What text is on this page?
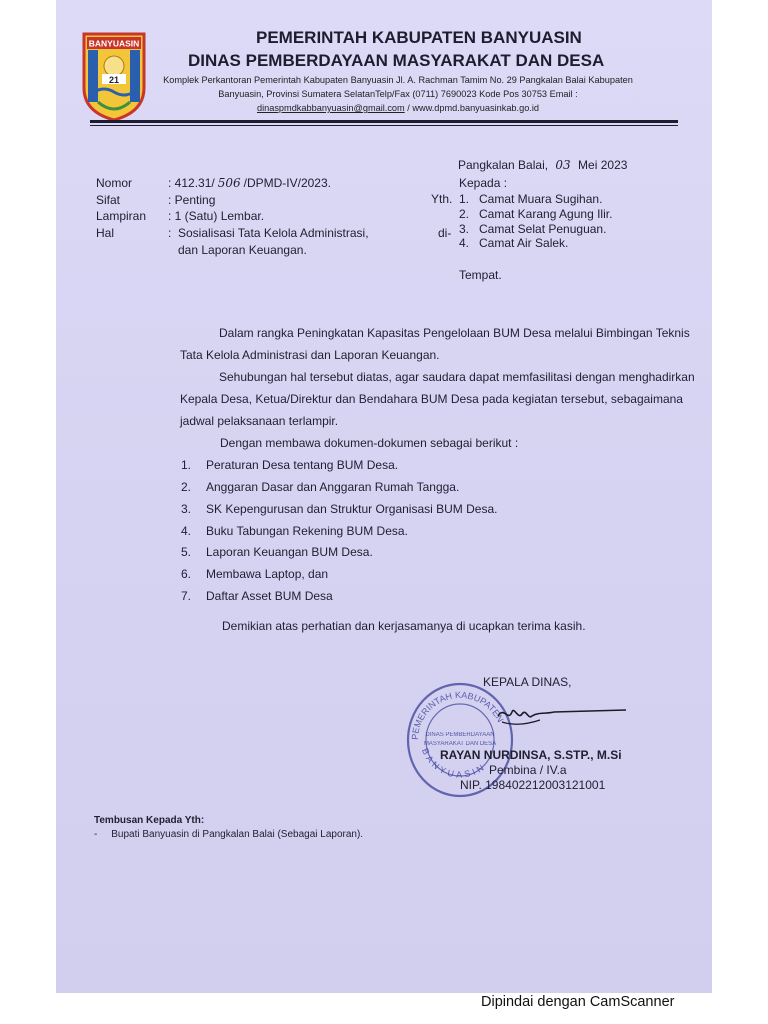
BANYUASIN
21
PEMERINTAH KABUPATEN BANYUASIN
DINAS PEMBERDAYAAN MASYARAKAT DAN DESA
Komplek Perkantoran Pemerintah Kabupaten Banyuasin Jl. A. Rachman Tamim No. 29 Pangkalan Balai Kabupaten
Banyuasin, Provinsi Sumatera SelatanTelp/Fax (0711) 7690023 Kode Pos 30753 Email :
dinaspmdkabbanyuasin@gmail.com / www.dpmd.banyuasinkab.go.id
Pangkalan Balai, 03 Mei 2023
Nomor	: 412.31/ 506 /DPMD-IV/2023.
Sifat	: Penting
Lampiran : 1 (Satu) Lembar.
Hal	: Sosialisasi Tata Kelola Administrasi,
dan Laporan Keuangan.
Kepada :
Yth.
di-
1. Camat Muara Sugihan.
2. Camat Karang Agung Ilir.
3. Camat Selat Penuguan.
4. Camat Air Salek.
Tempat.
Dalam rangka Peningkatan Kapasitas Pengelolaan BUM Desa melalui Bimbingan Teknis
Tata Kelola Administrasi dan Laporan Keuangan.
Sehubungan hal tersebut diatas, agar saudara dapat memfasilitasi dengan menghadirkan
Kepala Desa, Ketua/Direktur dan Bendahara BUM Desa pada kegiatan tersebut, sebagaimana
jadwal pelaksanaan terlampir.
Dengan membawa dokumen-dokumen sebagai berikut :
1. Peraturan Desa tentang BUM Desa.
2. Anggaran Dasar dan Anggaran Rumah Tangga.
3. SK Kepengurusan dan Struktur Organisasi BUM Desa.
4. Buku Tabungan Rekening BUM Desa.
5. Laporan Keuangan BUM Desa.
6. Membawa Laptop, dan
7. Daftar Asset BUM Desa
Demikian atas perhatian dan kerjasamanya di ucapkan terima kasih.
KEPALA DINAS,
PEMERINTAH KABUPATEN
BANYUASIN
DINAS PEMBERDAYAAN
MASYARAKAT DAN DESA
RAYAN NURDINSA, S.STP., M.Si
Pembina / IV.a
NIP. 198402212003121001
Tembusan Kepada Yth:
-     Bupati Banyuasin di Pangkalan Balai (Sebagai Laporan).
Dipindai dengan CamScanner
